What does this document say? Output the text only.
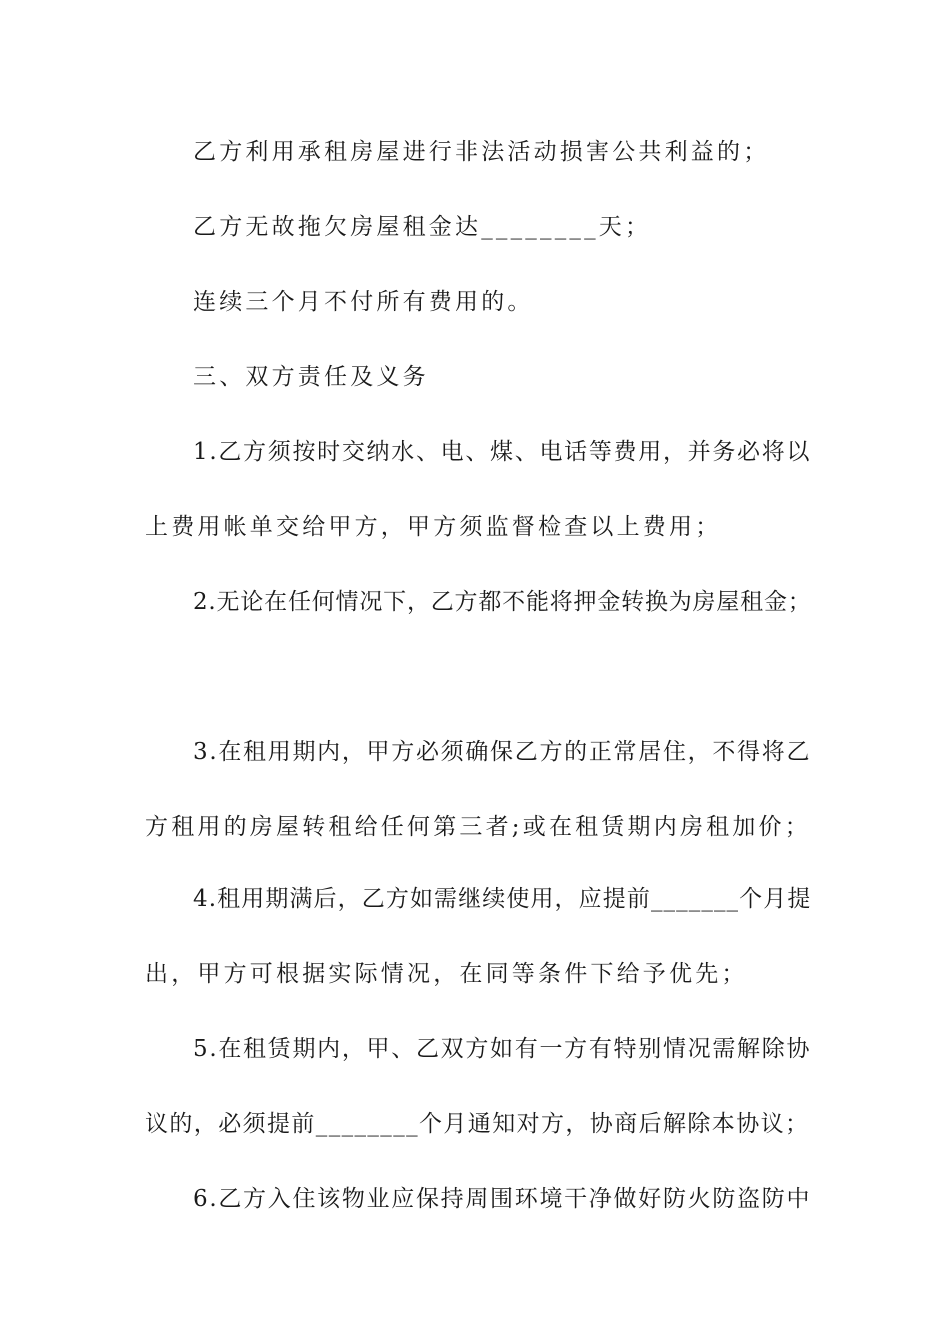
乙方利用承租房屋进行非法活动损害公共利益的；
乙方无故拖欠房屋租金达________天；
连续三个月不付所有费用的。
三、双方责任及义务
1.乙方须按时交纳水、电、煤、电话等费用，并务必将以
上费用帐单交给甲方，甲方须监督检查以上费用；
2.无论在任何情况下，乙方都不能将押金转换为房屋租金；
3.在租用期内，甲方必须确保乙方的正常居住，不得将乙
方租用的房屋转租给任何第三者;或在租赁期内房租加价；
4.租用期满后，乙方如需继续使用，应提前_______个月提
出，甲方可根据实际情况，在同等条件下给予优先；
5.在租赁期内，甲、乙双方如有一方有特别情况需解除协
议的，必须提前________个月通知对方，协商后解除本协议；
6.乙方入住该物业应保持周围环境干净做好防火防盗防中
